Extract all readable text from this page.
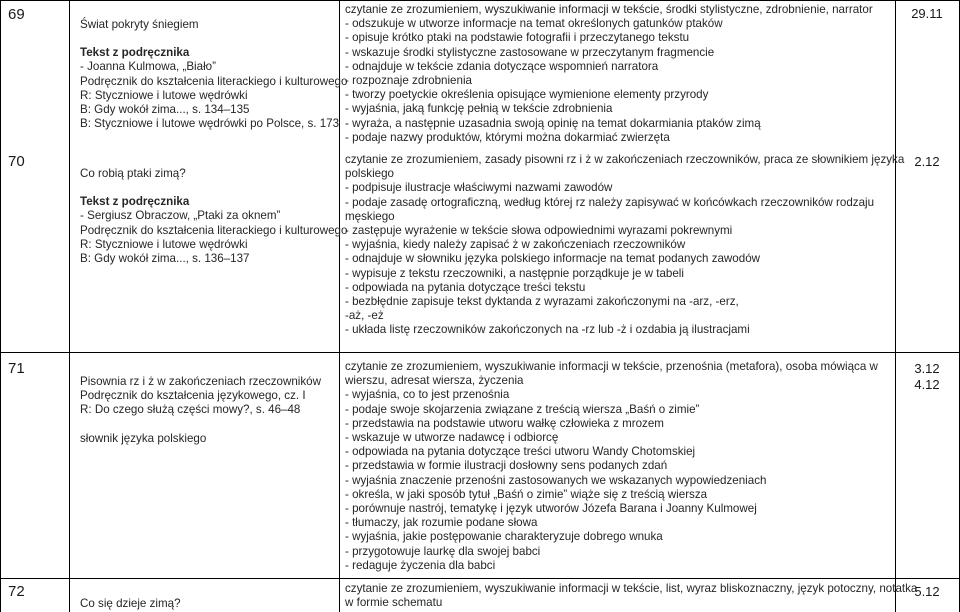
69
Świat pokryty śniegiem
Tekst z podręcznika
- Joanna Kulmowa, „Biało”
Podręcznik do kształcenia literackiego i kulturowego
R: Styczniowe i lutowe wędrówki
B: Gdy wokół zima..., s. 134–135
B: Styczniowe i lutowe wędrówki po Polsce, s. 173
czytanie ze zrozumieniem, wyszukiwanie informacji w tekście, środki stylistyczne, zdrobnienie, narrator
- odszukuje w utworze informacje na temat określonych gatunków ptaków
- opisuje krótko ptaki na podstawie fotografii i przeczytanego tekstu
- wskazuje środki stylistyczne zastosowane w przeczytanym fragmencie
- odnajduje w tekście zdania dotyczące wspomnień narratora
- rozpoznaje zdrobnienia
- tworzy poetyckie określenia opisujące wymienione elementy przyrody
- wyjaśnia, jaką funkcję pełnią w tekście zdrobnienia
- wyraża, a następnie uzasadnia swoją opinię na temat dokarmiania ptaków zimą
- podaje nazwy produktów, którymi można dokarmiać zwierzęta
29.11
70
Co robią ptaki zimą?
Tekst z podręcznika
- Sergiusz Obraczow, „Ptaki za oknem”
Podręcznik do kształcenia literackiego i kulturowego
R: Styczniowe i lutowe wędrówki
B: Gdy wokół zima..., s. 136–137
czytanie ze zrozumieniem, zasady pisowni rz i ż w zakończeniach rzeczowników, praca ze słownikiem języka
polskiego
- podpisuje ilustracje właściwymi nazwami zawodów
- podaje zasadę ortograficzną, według której rz należy zapisywać w końcówkach rzeczowników rodzaju
męskiego
- zastępuje wyrażenie w tekście słowa odpowiednimi wyrazami pokrewnymi
- wyjaśnia, kiedy należy zapisać ż w zakończeniach rzeczowników
- odnajduje w słowniku języka polskiego informacje na temat podanych zawodów
- wypisuje z tekstu rzeczowniki, a następnie porządkuje je w tabeli
- odpowiada na pytania dotyczące treści tekstu
- bezbłędnie zapisuje tekst dyktanda z wyrazami zakończonymi na -arz, -erz,
-aż, -eż
- układa listę rzeczowników zakończonych na -rz lub -ż i ozdabia ją ilustracjami
2.12
71
Pisownia rz i ż w zakończeniach rzeczowników
Podręcznik do kształcenia językowego, cz. I
R: Do czego służą części mowy?, s. 46–48
słownik języka polskiego
czytanie ze zrozumieniem, wyszukiwanie informacji w tekście, przenośnia (metafora), osoba mówiąca w
wierszu, adresat wiersza, życzenia
- wyjaśnia, co to jest przenośnia
- podaje swoje skojarzenia związane z treścią wiersza „Baśń o zimie”
- przedstawia na podstawie utworu wałkę człowieka z mrozem
- wskazuje w utworze nadawcę i odbiorcę
- odpowiada na pytania dotyczące treści utworu Wandy Chotomskiej
- przedstawia w formie ilustracji dosłowny sens podanych zdań
- wyjaśnia znaczenie przenośni zastosowanych we wskazanych wypowiedzeniach
- określa, w jaki sposób tytuł „Baśń o zimie” wiąże się z treścią wiersza
- porównuje nastrój, tematykę i język utworów Józefa Barana i Joanny Kulmowej
- tłumaczy, jak rozumie podane słowa
- wyjaśnia, jakie postępowanie charakteryzuje dobrego wnuka
- przygotowuje laurkę dla swojej babci
- redaguje życzenia dla babci
3.12
4.12
72
Co się dzieje zimą?
czytanie ze zrozumieniem, wyszukiwanie informacji w tekście, list, wyraz bliskoznaczny, język potoczny, notatka
w formie schematu
5.12
